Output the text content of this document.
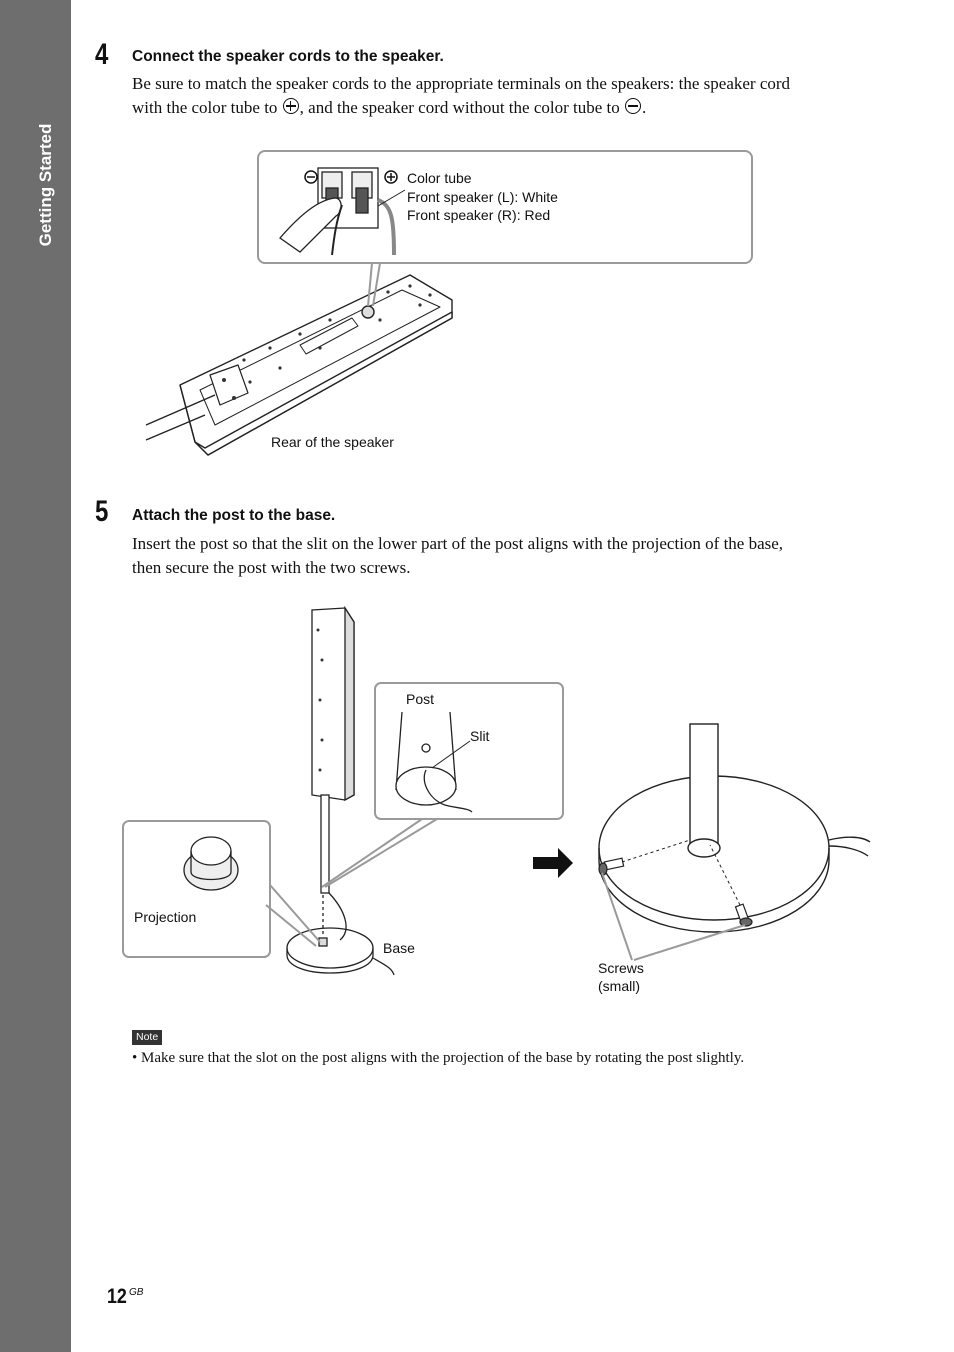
Getting Started
4 Connect the speaker cords to the speaker.
Be sure to match the speaker cords to the appropriate terminals on the speakers: the speaker cord
with the color tube to , and the speaker cord without the color tube to .
Color tube
Front speaker (L): White
Front speaker (R): Red
Rear of the speaker
5 Attach the post to the base.
Insert the post so that the slit on the lower part of the post aligns with the projection of the base,
then secure the post with the two screws.
Post
Slit
Projection
Base
Screws
(small)
Note
• Make sure that the slot on the post aligns with the projection of the base by rotating the post slightly.
12 GB
